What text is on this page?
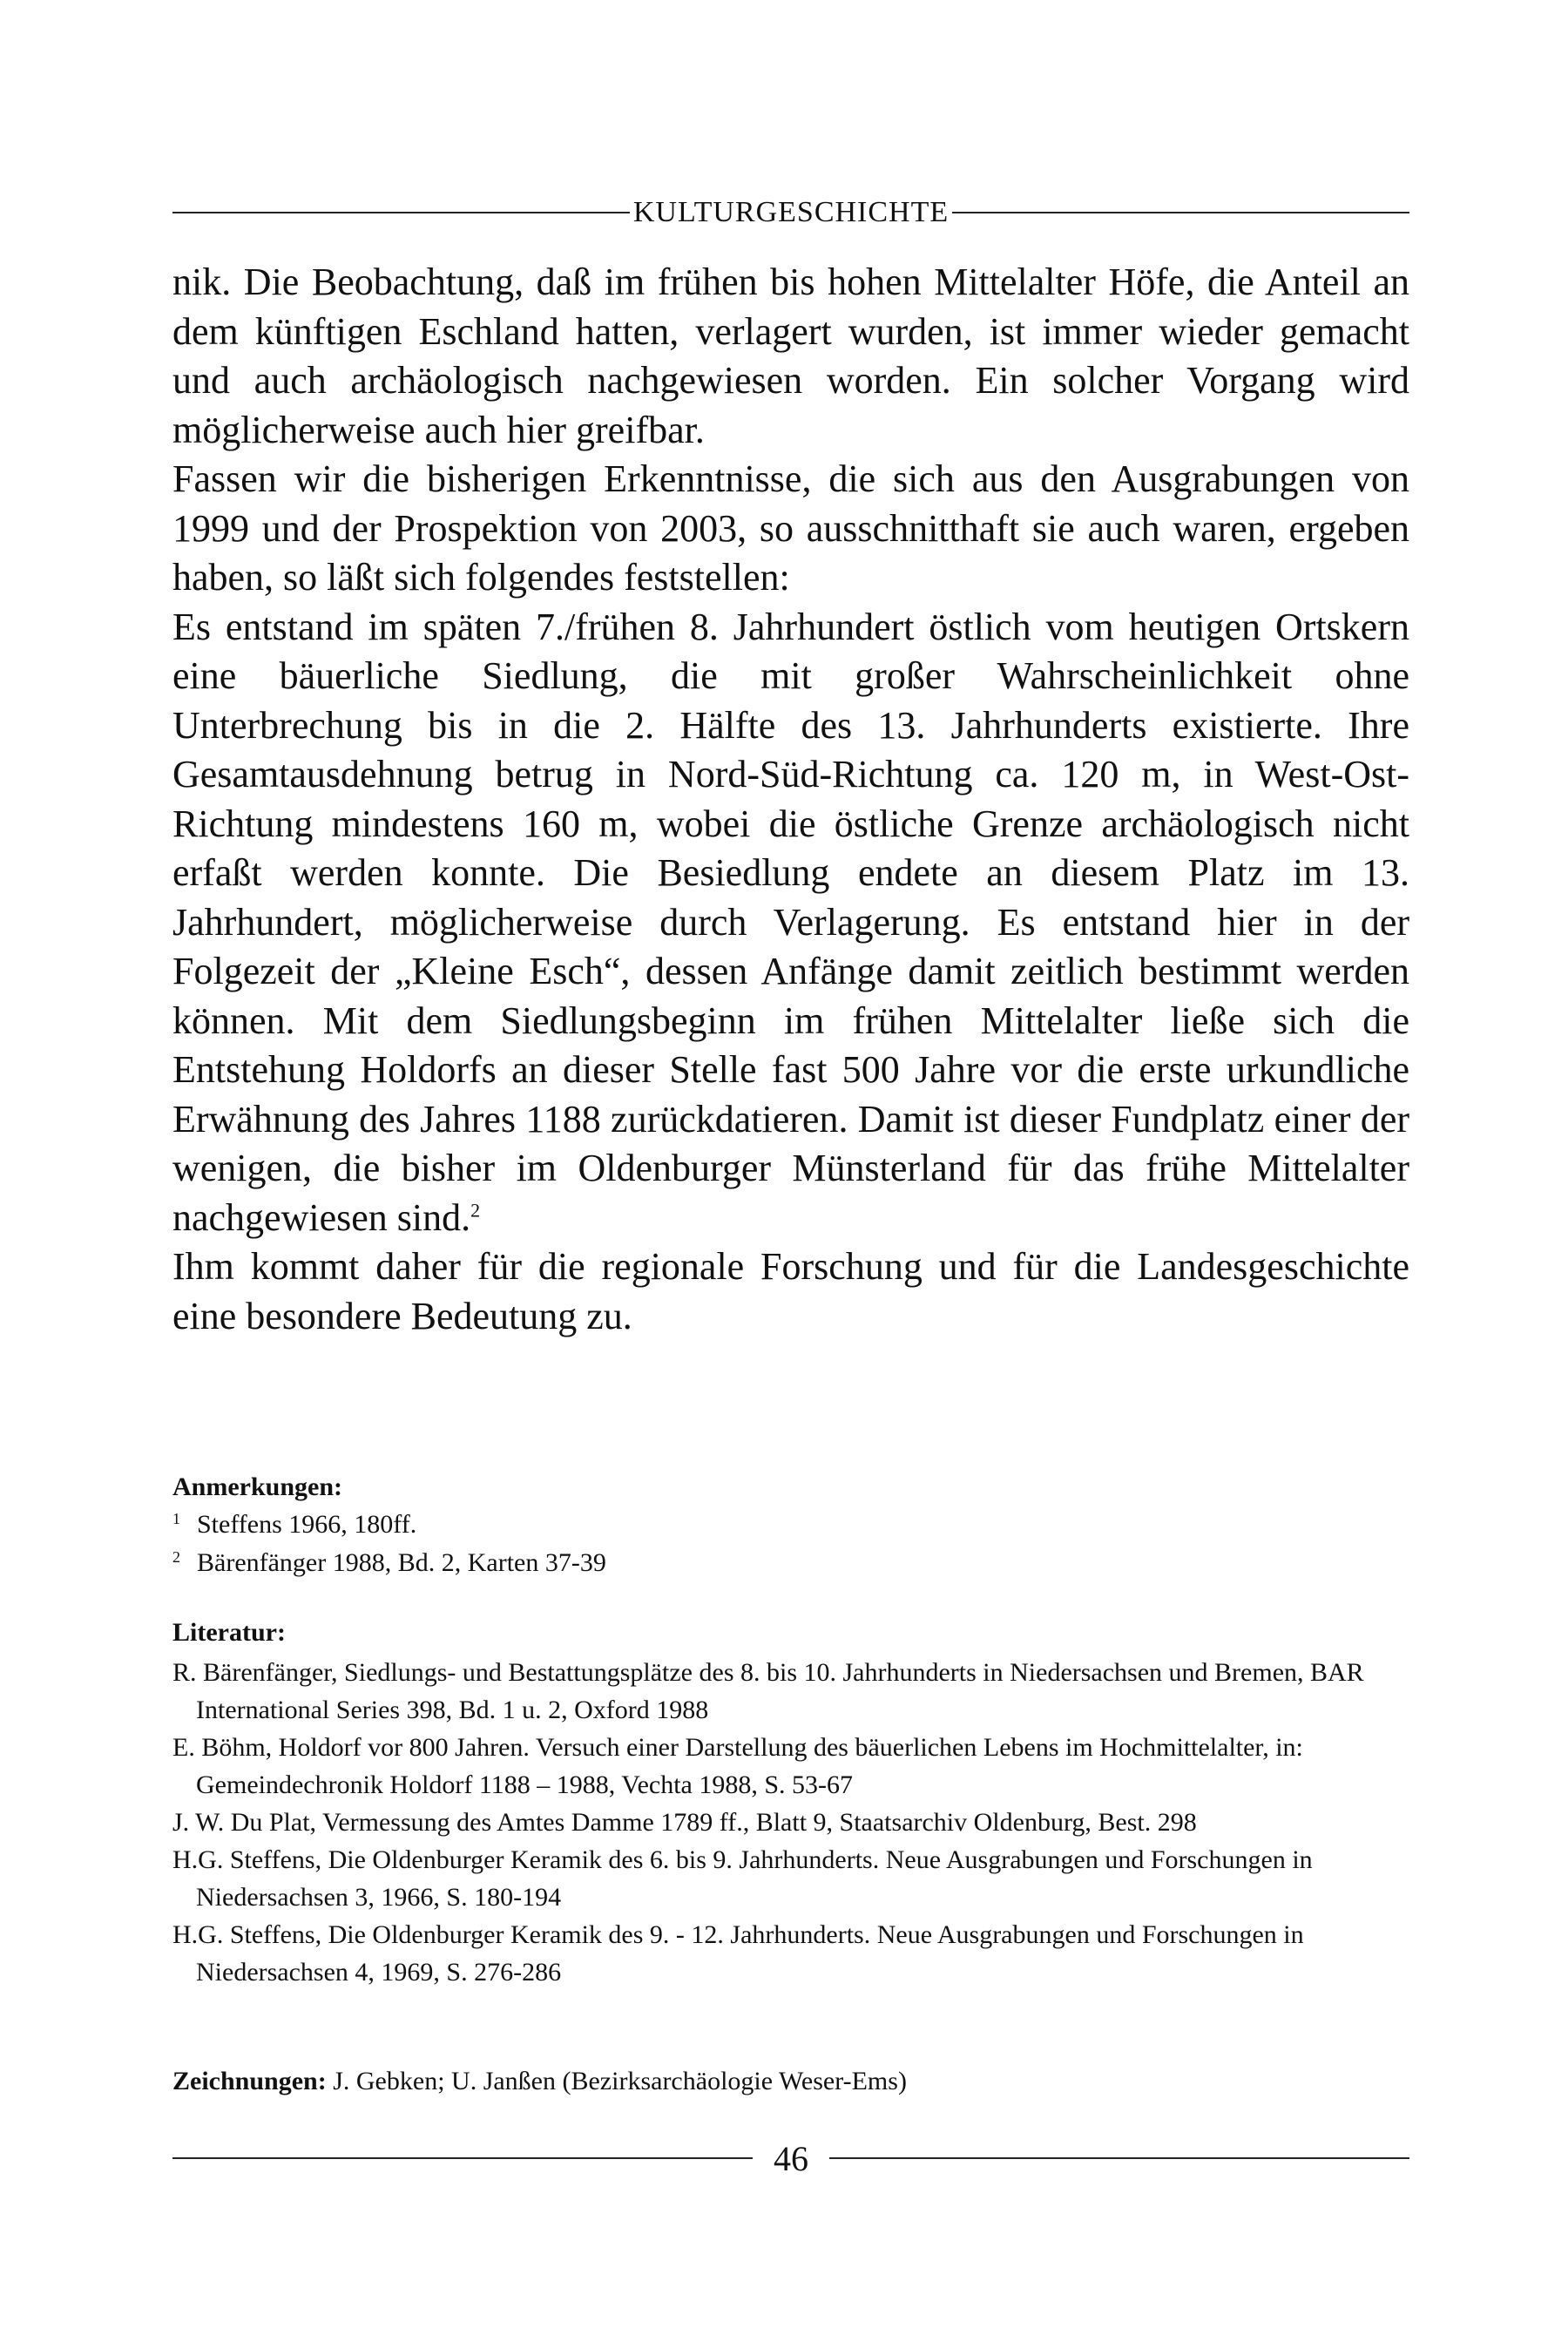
KULTURGESCHICHTE

nik. Die Beobachtung, daß im frühen bis hohen Mittelalter Höfe, die Anteil an dem künftigen Eschland hatten, verlagert wurden, ist immer wieder gemacht und auch archäologisch nachgewiesen worden. Ein solcher Vorgang wird möglicherweise auch hier greifbar.

Fassen wir die bisherigen Erkenntnisse, die sich aus den Ausgrabungen von 1999 und der Prospektion von 2003, so ausschnitthaft sie auch waren, ergeben haben, so läßt sich folgendes feststellen:

Es entstand im späten 7./frühen 8. Jahrhundert östlich vom heutigen Ortskern eine bäuerliche Siedlung, die mit großer Wahrscheinlichkeit ohne Unterbrechung bis in die 2. Hälfte des 13. Jahrhunderts existierte. Ihre Gesamtausdehnung betrug in Nord-Süd-Richtung ca. 120 m, in West-Ost-Richtung mindestens 160 m, wobei die östliche Grenze archäologisch nicht erfaßt werden konnte. Die Besiedlung endete an diesem Platz im 13. Jahrhundert, möglicherweise durch Verlagerung. Es entstand hier in der Folgezeit der „Kleine Esch“, dessen Anfänge damit zeitlich bestimmt werden können. Mit dem Siedlungsbeginn im frühen Mittelalter ließe sich die Entstehung Holdorfs an dieser Stelle fast 500 Jahre vor die erste urkundliche Erwähnung des Jahres 1188 zurückdatieren. Damit ist dieser Fundplatz einer der wenigen, die bisher im Oldenburger Münsterland für das frühe Mittelalter nachgewiesen sind.$^2$

Ihm kommt daher für die regionale Forschung und für die Landesgeschichte eine besondere Bedeutung zu.

Anmerkungen:
1 Steffens 1966, 180ff.
2 Bärenfänger 1988, Bd. 2, Karten 37-39
Literatur:
R. Bärenfänger, Siedlungs- und Bestattungsplätze des 8. bis 10. Jahrhunderts in Niedersachsen und Bremen, BAR International Series 398, Bd. 1 u. 2, Oxford 1988
E. Böhm, Holdorf vor 800 Jahren. Versuch einer Darstellung des bäuerlichen Lebens im Hochmittelalter, in: Gemeindechronik Holdorf 1188 – 1988, Vechta 1988, S. 53-67
J. W. Du Plat, Vermessung des Amtes Damme 1789 ff., Blatt 9, Staatsarchiv Oldenburg, Best. 298
H.G. Steffens, Die Oldenburger Keramik des 6. bis 9. Jahrhunderts. Neue Ausgrabungen und Forschungen in Niedersachsen 3, 1966, S. 180-194
H.G. Steffens, Die Oldenburger Keramik des 9. - 12. Jahrhunderts. Neue Ausgrabungen und Forschungen in Niedersachsen 4, 1969, S. 276-286
Zeichnungen: J. Gebken; U. Janßen (Bezirksarchäologie Weser-Ems)
46
